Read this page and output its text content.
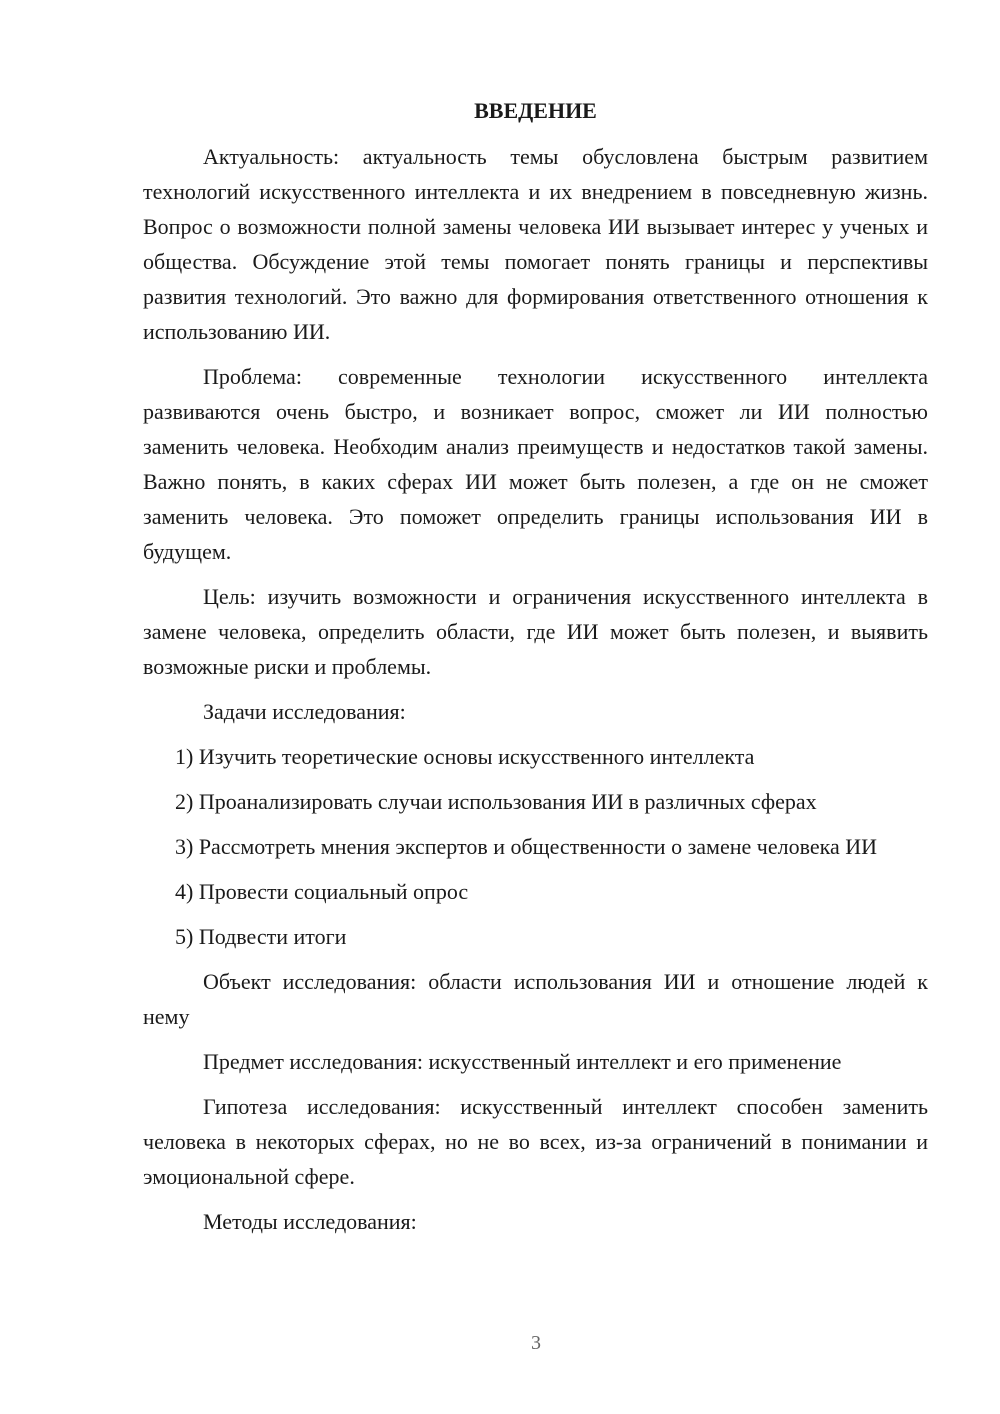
ВВЕДЕНИЕ

Актуальность: актуальность темы обусловлена быстрым развитием технологий искусственного интеллекта и их внедрением в повседневную жизнь. Вопрос о возможности полной замены человека ИИ вызывает интерес у ученых и общества. Обсуждение этой темы помогает понять границы и перспективы развития технологий. Это важно для формирования ответственного отношения к использованию ИИ.

Проблема: современные технологии искусственного интеллекта развиваются очень быстро, и возникает вопрос, сможет ли ИИ полностью заменить человека. Необходим анализ преимуществ и недостатков такой замены. Важно понять, в каких сферах ИИ может быть полезен, а где он не сможет заменить человека. Это поможет определить границы использования ИИ в будущем.

Цель: изучить возможности и ограничения искусственного интеллекта в замене человека, определить области, где ИИ может быть полезен, и выявить возможные риски и проблемы.

Задачи исследования:

1) Изучить теоретические основы искусственного интеллекта

2) Проанализировать случаи использования ИИ в различных сферах

3) Рассмотреть мнения экспертов и общественности о замене человека ИИ

4) Провести социальный опрос

5) Подвести итоги

Объект исследования: области использования ИИ и отношение людей к нему

Предмет исследования: искусственный интеллект и его применение

Гипотеза исследования: искусственный интеллект способен заменить человека в некоторых сферах, но не во всех, из-за ограничений в понимании и эмоциональной сфере.

Методы исследования:

3
